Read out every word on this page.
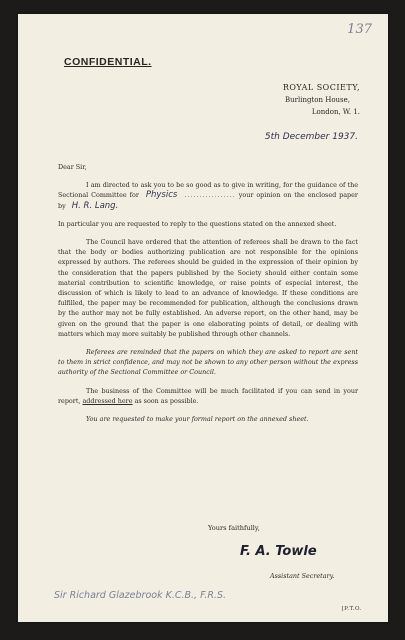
137
CONFIDENTIAL.
ROYAL SOCIETY,
Burlington House,
London, W. 1.
5th December 1937.

Dear Sir,

I am directed to ask you to be so good as to give in writing, for the guidance of the Sectional Committee for Physics ................. your opinion on the enclosed paper by H. R. Lang.

In particular you are requested to reply to the questions stated on the annexed sheet.

The Council have ordered that the attention of referees shall be drawn to the fact that the body or bodies authorizing publication are not responsible for the opinions expressed by authors. The referees should be guided in the expression of their opinion by the consideration that the papers published by the Society should either contain some material contribution to scientific knowledge, or raise points of especial interest, the discussion of which is likely to lead to an advance of knowledge. If these conditions are fulfilled, the paper may be recommended for publication, although the conclusions drawn by the author may not be fully established. An adverse report, on the other hand, may be given on the ground that the paper is one elaborating points of detail, or dealing with matters which may more suitably be published through other channels.

Referees are reminded that the papers on which they are asked to report are sent to them in strict confidence, and may not be shown to any other person without the express authority of the Sectional Committee or Council.

The business of the Committee will be much facilitated if you can send in your report, addressed here as soon as possible.

You are requested to make your formal report on the annexed sheet.

Yours faithfully,
F. A. Towle
Assistant Secretary.
Sir Richard Glazebrook K.C.B., F.R.S.
[P.T.O.
